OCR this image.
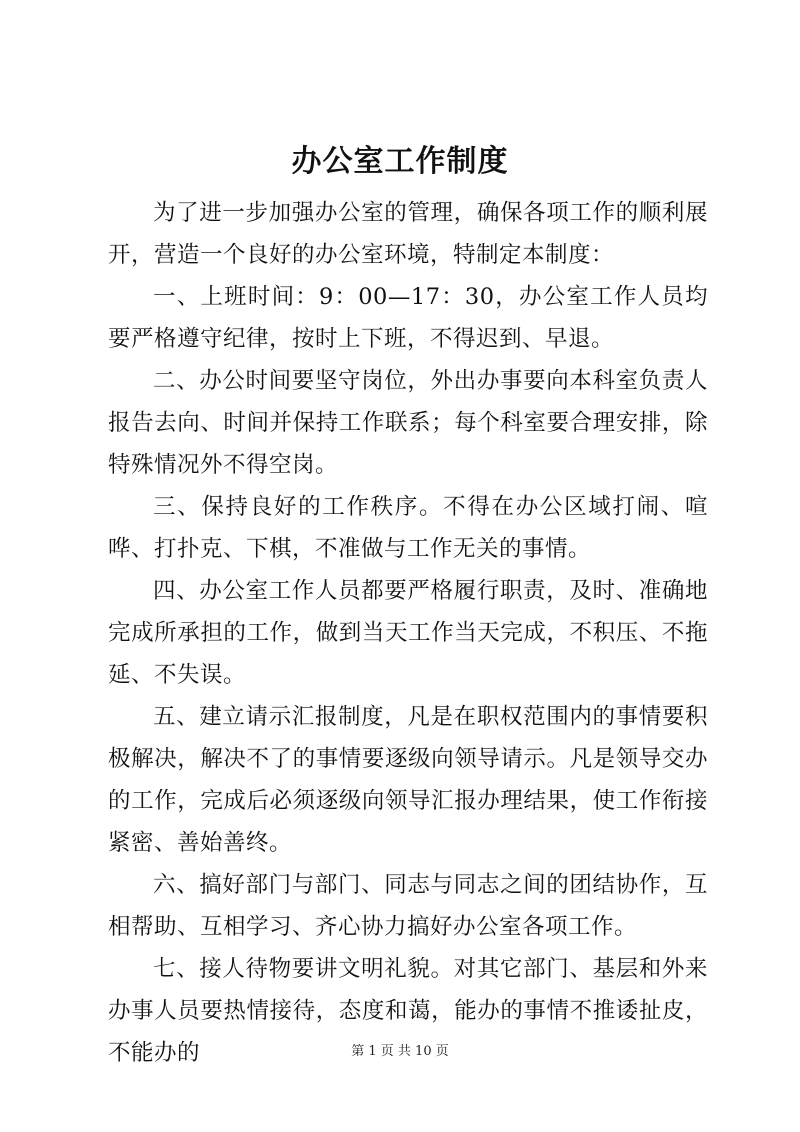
办公室工作制度

为了进一步加强办公室的管理，确保各项工作的顺利展开，营造一个良好的办公室环境，特制定本制度：

一、上班时间：9：00—17：30，办公室工作人员均要严格遵守纪律，按时上下班，不得迟到、早退。

二、办公时间要坚守岗位，外出办事要向本科室负责人报告去向、时间并保持工作联系；每个科室要合理安排，除特殊情况外不得空岗。

三、保持良好的工作秩序。不得在办公区域打闹、喧哗、打扑克、下棋，不准做与工作无关的事情。

四、办公室工作人员都要严格履行职责，及时、准确地完成所承担的工作，做到当天工作当天完成，不积压、不拖延、不失误。

五、建立请示汇报制度，凡是在职权范围内的事情要积极解决，解决不了的事情要逐级向领导请示。凡是领导交办的工作，完成后必须逐级向领导汇报办理结果，使工作衔接紧密、善始善终。

六、搞好部门与部门、同志与同志之间的团结协作，互相帮助、互相学习、齐心协力搞好办公室各项工作。

七、接人待物要讲文明礼貌。对其它部门、基层和外来办事人员要热情接待，态度和蔼，能办的事情不推诿扯皮，不能办的	第 1 页 共 10 页
